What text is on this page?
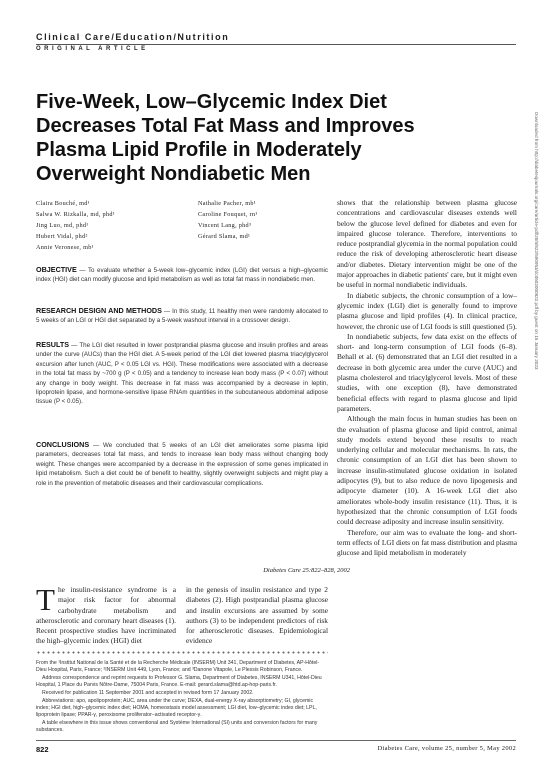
Clinical Care/Education/Nutrition
ORIGINAL ARTICLE
Five-Week, Low–Glycemic Index Diet Decreases Total Fat Mass and Improves Plasma Lipid Profile in Moderately Overweight Nondiabetic Men
Claira Bouché, md¹
Salwa W. Rizkalla, md, phd¹
Jing Luo, md, phd¹
Hubert Vidal, phd²
Annie Veronese, mb¹
Nathalie Pacher, mb¹
Caroline Fouquet, rn¹
Vincent Lang, phd³
Gérard Slama, md¹

OBJECTIVE — To evaluate whether a 5-week low–glycemic index (LGI) diet versus a high–glycemic index (HGI) diet can modify glucose and lipid metabolism as well as total fat mass in nondiabetic men.

RESEARCH DESIGN AND METHODS — In this study, 11 healthy men were randomly allocated to 5 weeks of an LGI or HGI diet separated by a 5-week washout interval in a crossover design.

RESULTS — The LGI diet resulted in lower postprandial plasma glucose and insulin profiles and areas under the curve (AUCs) than the HGI diet. A 5-week period of the LGI diet lowered plasma triacylglycerol excursion after lunch (AUC, P < 0.05 LGI vs. HGI). These modifications were associated with a decrease in the total fat mass by ~700 g (P < 0.05) and a tendency to increase lean body mass (P < 0.07) without any change in body weight. This decrease in fat mass was accompanied by a decrease in leptin, lipoprotein lipase, and hormone-sensitive lipase RNAm quantities in the subcutaneous abdominal adipose tissue (P < 0.05).

CONCLUSIONS — We concluded that 5 weeks of an LGI diet ameliorates some plasma lipid parameters, decreases total fat mass, and tends to increase lean body mass without changing body weight. These changes were accompanied by a decrease in the expression of some genes implicated in lipid metabolism. Such a diet could be of benefit to healthy, slightly overweight subjects and might play a role in the prevention of metabolic diseases and their cardiovascular complications.

Diabetes Care 25:822–828, 2002
The insulin-resistance syndrome is a major risk factor for abnormal carbohydrate metabolism and atherosclerotic and coronary heart diseases (1). Recent prospective studies have incriminated the high–glycemic index (HGI) diet
in the genesis of insulin resistance and type 2 diabetes (2). High postprandial plasma glucose and insulin excursions are assumed by some authors (3) to be independent predictors of risk for atherosclerotic diseases. Epidemiological evidence

From the ¹Institut National de la Santé et de la Recherche Médicale (INSERM) Unit 341, Department of Diabetes, AP-Hôtel-Dieu Hospital, Paris, France; ²INSERM Unit 449, Lyon, France; and ³Danone Vitapole, Le Plessis Robinson, France.

Address correspondence and reprint requests to Professor G. Slama, Department of Diabetes, INSERM U341, Hôtel-Dieu Hospital, 1 Place du Parvis Nôtre-Dame, 75004 Paris, France. E-mail: gerard.slama@htd.ap-hop-paris.fr.

Received for publication 11 September 2001 and accepted in revised form 17 January 2002.

Abbreviations: apo, apolipoprotein; AUC, area under the curve; DEXA, dual-energy X-ray absorptiometry; GI, glycemic index; HGI diet, high–glycemic index diet; HOMA, homeostasis model assessment; LGI diet, low–glycemic index diet; LPL, lipoprotein lipase; PPAR-γ, peroxisome proliferator–activated receptor-γ.

A table elsewhere in this issue shows conventional and Système International (SI) units and conversion factors for many substances.

shows that the relationship between plasma glucose concentrations and cardiovascular diseases extends well below the glucose level defined for diabetes and even for impaired glucose tolerance. Therefore, interventions to reduce postprandial glycemia in the normal population could reduce the risk of developing atherosclerotic heart disease and/or diabetes. Dietary intervention might be one of the major approaches in diabetic patients' care, but it might even be useful in normal nondiabetic individuals.

In diabetic subjects, the chronic consumption of a low–glycemic index (LGI) diet is generally found to improve plasma glucose and lipid profiles (4). In clinical practice, however, the chronic use of LGI foods is still questioned (5).

In nondiabetic subjects, few data exist on the effects of short- and long-term consumption of LGI foods (6–8). Behall et al. (6) demonstrated that an LGI diet resulted in a decrease in both glycemic area under the curve (AUC) and plasma cholesterol and triacylglycerol levels. Most of these studies, with one exception (8), have demonstrated beneficial effects with regard to plasma glucose and lipid parameters.

Although the main focus in human studies has been on the evaluation of plasma glucose and lipid control, animal study models extend beyond these results to reach underlying cellular and molecular mechanisms. In rats, the chronic consumption of an LGI diet has been shown to increase insulin-stimulated glucose oxidation in isolated adipocytes (9), but to also reduce de novo lipogenesis and adipocyte diameter (10). A 16-week LGI diet also ameliorates whole-body insulin resistance (11). Thus, it is hypothesized that the chronic consumption of LGI foods could decrease adiposity and increase insulin sensitivity.

Therefore, our aim was to evaluate the long- and short-term effects of LGI diets on fat mass distribution and plasma glucose and lipid metabolism in moderately

Downloaded from http://diabetesjournals.org/care/article-pdf/25/5/822/590953/dc0502000822.pdf by guest on 15 January 2023
822	Diabetes Care, volume 25, number 5, May 2002
